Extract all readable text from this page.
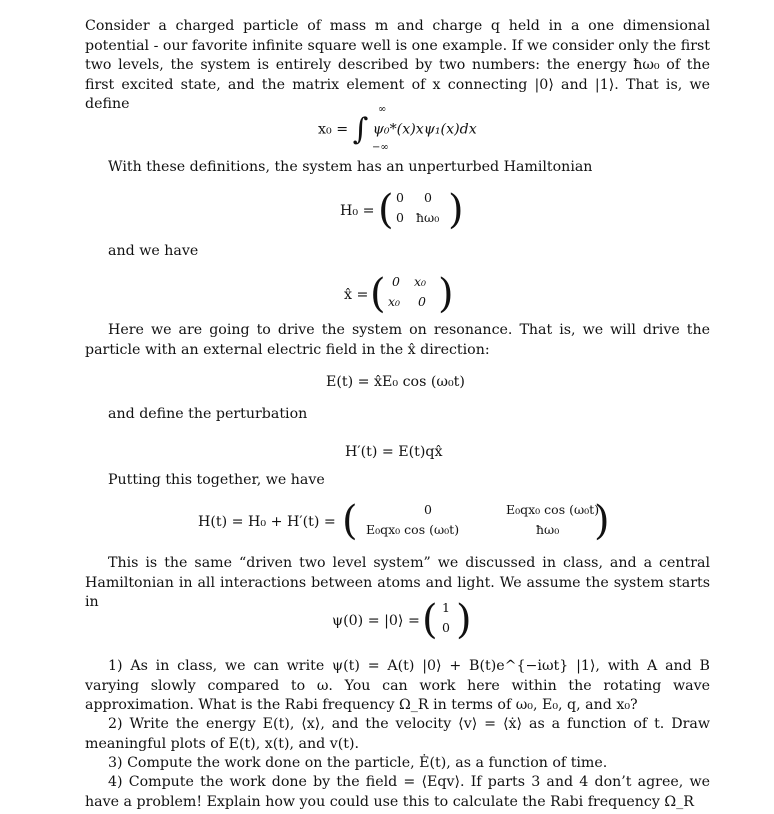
Consider a charged particle of mass m and charge q held in a one dimensional potential - our favorite infinite square well is one example. If we consider only the first two levels, the system is entirely described by two numbers: the energy ħω₀ of the first excited state, and the matrix element of x connecting |0⟩ and |1⟩. That is, we define

x₀ = ∫
∞
−∞
ψ₀*(x)xψ₁(x)dx

With these definitions, the system has an unperturbed Hamiltonian

H₀ = ( 0 0
0 ħω₀ )

and we have

x̂ = ( 0 x₀
x₀ 0 )

Here we are going to drive the system on resonance. That is, we will drive the particle with an external electric field in the x̂ direction:

E(t) = x̂E₀ cos (ω₀t)

and define the perturbation

H′(t) = E(t)qx̂

Putting this together, we have

H(t) = H₀ + H′(t) = (	0	E₀qx₀ cos (ω₀t)
E₀qx₀ cos (ω₀t)	ħω₀ )

This is the same “driven two level system” we discussed in class, and a central Hamiltonian in all interactions between atoms and light. We assume the system starts in

ψ(0) = |0⟩ = ( 1
0 )

1) As in class, we can write ψ(t) = A(t) |0⟩ + B(t)e^{−iωt} |1⟩, with A and B varying slowly compared to ω. You can work here within the rotating wave approximation. What is the Rabi frequency Ω_R in terms of ω₀, E₀, q, and x₀?

2) Write the energy E(t), ⟨x⟩, and the velocity ⟨v⟩ = ⟨ẋ⟩ as a function of t. Draw meaningful plots of E(t), x(t), and v(t).

3) Compute the work done on the particle, Ė(t), as a function of time.

4) Compute the work done by the field = ⟨Eqv⟩. If parts 3 and 4 don’t agree, we have a problem! Explain how you could use this to calculate the Rabi frequency Ω_R
